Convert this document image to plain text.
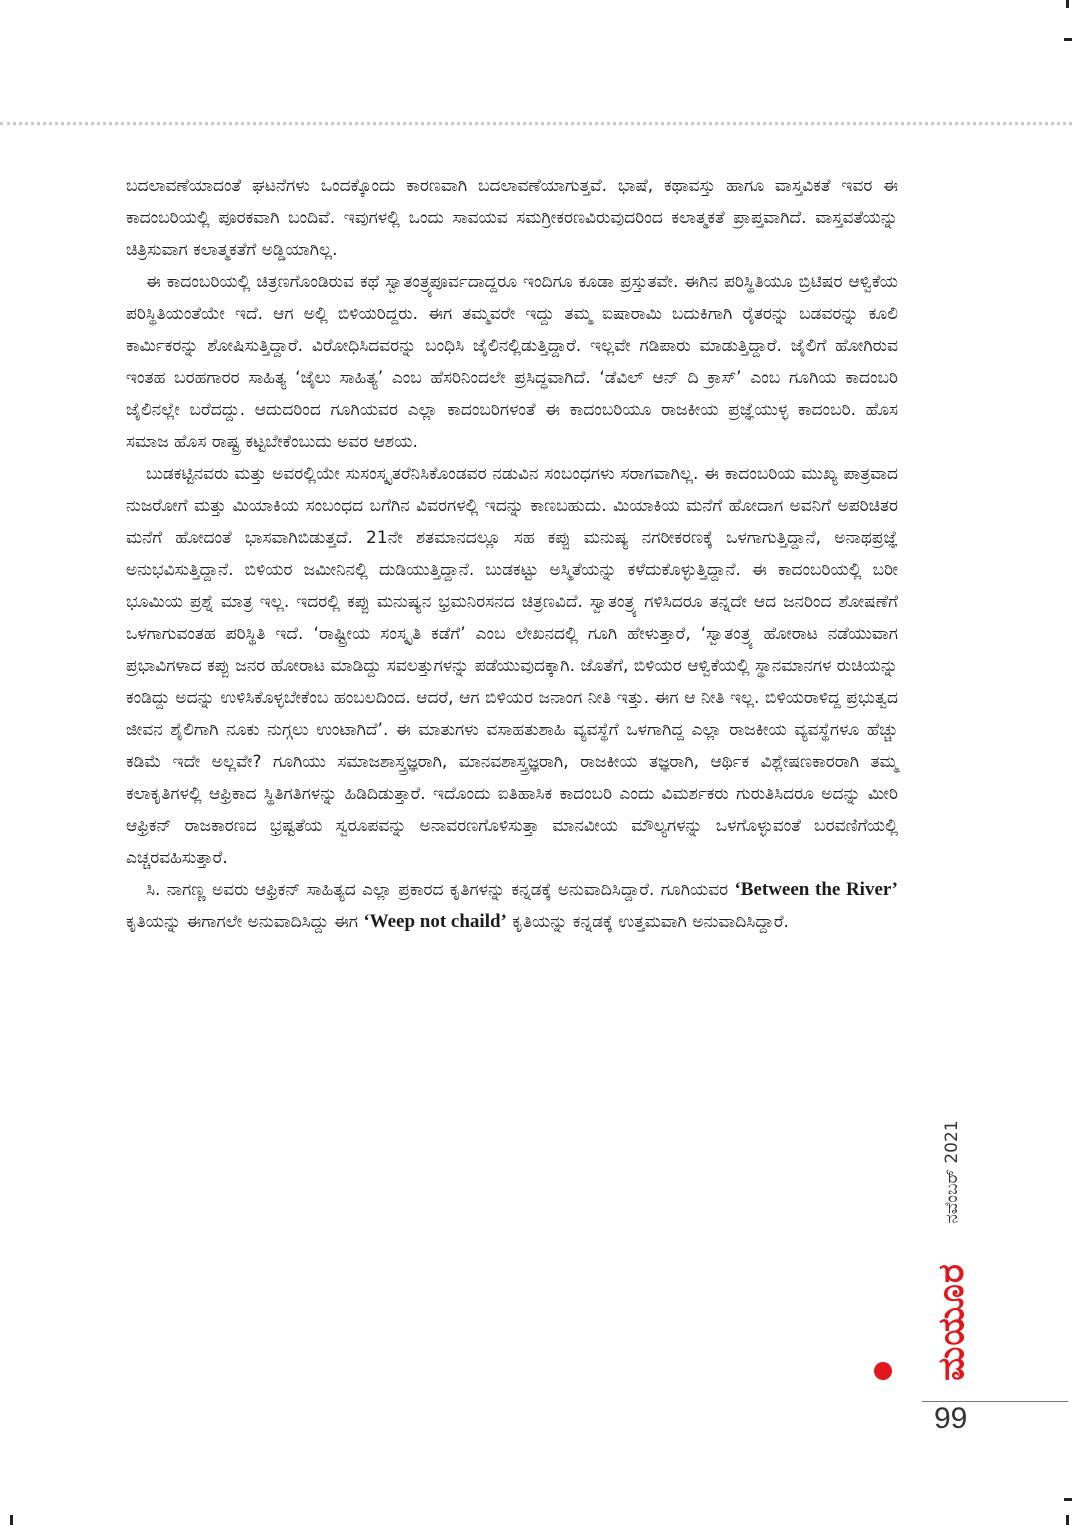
ಬದಲಾವಣೆಯಾದಂತೆ ಘಟನೆಗಳು ಒಂದಕ್ಕೊಂದು ಕಾರಣವಾಗಿ ಬದಲಾವಣೆಯಾಗುತ್ತವೆ. ಭಾಷೆ, ಕಥಾವಸ್ತು ಹಾಗೂ ವಾಸ್ತವಿಕತೆ ಇವರ ಈ ಕಾದಂಬರಿಯಲ್ಲಿ ಪೂರಕವಾಗಿ ಬಂದಿವೆ. ಇವುಗಳಲ್ಲಿ ಒಂದು ಸಾವಯವ ಸಮಗ್ರೀಕರಣವಿರುವುದರಿಂದ ಕಲಾತ್ಮಕತೆ ಪ್ರಾಪ್ತವಾಗಿದೆ. ವಾಸ್ತವತೆಯನ್ನು ಚಿತ್ರಿಸುವಾಗ ಕಲಾತ್ಮಕತೆಗೆ ಅಡ್ಡಿಯಾಗಿಲ್ಲ.

ಈ ಕಾದಂಬರಿಯಲ್ಲಿ ಚಿತ್ರಣಗೊಂಡಿರುವ ಕಥೆ ಸ್ವಾತಂತ್ರ್ಯಪೂರ್ವದಾದ್ದರೂ ಇಂದಿಗೂ ಕೂಡಾ ಪ್ರಸ್ತುತವೇ. ಈಗಿನ ಪರಿಸ್ಥಿತಿಯೂ ಬ್ರಿಟಿಷರ ಆಳ್ವಿಕೆಯ ಪರಿಸ್ಥಿತಿಯಂತೆಯೇ ಇದೆ. ಆಗ ಅಲ್ಲಿ ಬಿಳಿಯರಿದ್ದರು. ಈಗ ತಮ್ಮವರೇ ಇದ್ದು ತಮ್ಮ ಐಷಾರಾಮಿ ಬದುಕಿಗಾಗಿ ರೈತರನ್ನು ಬಡವರನ್ನು ಕೂಲಿ ಕಾರ್ಮಿಕರನ್ನು ಶೋಷಿಸುತ್ತಿದ್ದಾರೆ. ವಿರೋಧಿಸಿದವರನ್ನು ಬಂಧಿಸಿ ಜೈಲಿನಲ್ಲಿಡುತ್ತಿದ್ದಾರೆ. ಇಲ್ಲವೇ ಗಡಿಪಾರು ಮಾಡುತ್ತಿದ್ದಾರೆ. ಜೈಲಿಗೆ ಹೋಗಿರುವ ಇಂತಹ ಬರಹಗಾರರ ಸಾಹಿತ್ಯ ‘ಜೈಲು ಸಾಹಿತ್ಯ’ ಎಂಬ ಹೆಸರಿನಿಂದಲೇ ಪ್ರಸಿದ್ಧವಾಗಿದೆ. ‘ಡೆವಿಲ್ ಆನ್ ದಿ ಕ್ರಾಸ್’ ಎಂಬ ಗೂಗಿಯ ಕಾದಂಬರಿ ಜೈಲಿನಲ್ಲೇ ಬರೆದದ್ದು. ಆದುದರಿಂದ ಗೂಗಿಯವರ ಎಲ್ಲಾ ಕಾದಂಬರಿಗಳಂತೆ ಈ ಕಾದಂಬರಿಯೂ ರಾಜಕೀಯ ಪ್ರಜ್ಞೆಯುಳ್ಳ ಕಾದಂಬರಿ. ಹೊಸ ಸಮಾಜ ಹೊಸ ರಾಷ್ಟ್ರ ಕಟ್ಟಬೇಕೆಂಬುದು ಅವರ ಆಶಯ.

ಬುಡಕಟ್ಟಿನವರು ಮತ್ತು ಅವರಲ್ಲಿಯೇ ಸುಸಂಸ್ಕೃತರೆನಿಸಿಕೊಂಡವರ ನಡುವಿನ ಸಂಬಂಧಗಳು ಸರಾಗವಾಗಿಲ್ಲ. ಈ ಕಾದಂಬರಿಯ ಮುಖ್ಯ ಪಾತ್ರವಾದ ನುಜರೋಗೆ ಮತ್ತು ಮಿಯಾಕಿಯ ಸಂಬಂಧದ ಬಗೆಗಿನ ವಿವರಗಳಲ್ಲಿ ಇದನ್ನು ಕಾಣಬಹುದು. ಮಿಯಾಕಿಯ ಮನೆಗೆ ಹೋದಾಗ ಅವನಿಗೆ ಅಪರಿಚಿತರ ಮನೆಗೆ ಹೋದಂತೆ ಭಾಸವಾಗಿಬಿಡುತ್ತದೆ. 21ನೇ ಶತಮಾನದಲ್ಲೂ ಸಹ ಕಪ್ಪು ಮನುಷ್ಯ ನಗರೀಕರಣಕ್ಕೆ ಒಳಗಾಗುತ್ತಿದ್ದಾನೆ, ಅನಾಥಪ್ರಜ್ಞೆ ಅನುಭವಿಸುತ್ತಿದ್ದಾನೆ. ಬಿಳಿಯರ ಜಮೀನಿನಲ್ಲಿ ದುಡಿಯುತ್ತಿದ್ದಾನೆ. ಬುಡಕಟ್ಟು ಅಸ್ಮಿತೆಯನ್ನು ಕಳೆದುಕೊಳ್ಳುತ್ತಿದ್ದಾನೆ. ಈ ಕಾದಂಬರಿಯಲ್ಲಿ ಬರೀ ಭೂಮಿಯ ಪ್ರಶ್ನೆ ಮಾತ್ರ ಇಲ್ಲ. ಇದರಲ್ಲಿ ಕಪ್ಪು ಮನುಷ್ಯನ ಭ್ರಮನಿರಸನದ ಚಿತ್ರಣವಿದೆ. ಸ್ವಾತಂತ್ರ್ಯ ಗಳಿಸಿದರೂ ತನ್ನದೇ ಆದ ಜನರಿಂದ ಶೋಷಣೆಗೆ ಒಳಗಾಗುವಂತಹ ಪರಿಸ್ಥಿತಿ ಇದೆ. ‘ರಾಷ್ಟ್ರೀಯ ಸಂಸ್ಕೃತಿ ಕಡೆಗೆ’ ಎಂಬ ಲೇಖನದಲ್ಲಿ ಗೂಗಿ ಹೇಳುತ್ತಾರೆ, ‘ಸ್ವಾತಂತ್ರ್ಯ ಹೋರಾಟ ನಡೆಯುವಾಗ ಪ್ರಭಾವಿಗಳಾದ ಕಪ್ಪು ಜನರ ಹೋರಾಟ ಮಾಡಿದ್ದು ಸವಲತ್ತುಗಳನ್ನು ಪಡೆಯುವುದಕ್ಕಾಗಿ. ಜೊತೆಗೆ, ಬಿಳಿಯರ ಆಳ್ವಿಕೆಯಲ್ಲಿ ಸ್ಥಾನಮಾನಗಳ ರುಚಿಯನ್ನು ಕಂಡಿದ್ದು ಅದನ್ನು ಉಳಿಸಿಕೊಳ್ಳಬೇಕೆಂಬ ಹಂಬಲದಿಂದ. ಆದರೆ, ಆಗ ಬಿಳಿಯರ ಜನಾಂಗ ನೀತಿ ಇತ್ತು. ಈಗ ಆ ನೀತಿ ಇಲ್ಲ. ಬಿಳಿಯರಾಳಿದ್ದ ಪ್ರಭುತ್ವದ ಜೀವನ ಶೈಲಿಗಾಗಿ ನೂಕು ನುಗ್ಗಲು ಉಂಟಾಗಿದೆ’. ಈ ಮಾತುಗಳು ವಸಾಹತುಶಾಹಿ ವ್ಯವಸ್ಥೆಗೆ ಒಳಗಾಗಿದ್ದ ಎಲ್ಲಾ ರಾಜಕೀಯ ವ್ಯವಸ್ಥೆಗಳೂ ಹೆಚ್ಚು ಕಡಿಮೆ ಇದೇ ಅಲ್ಲವೇ? ಗೂಗಿಯು ಸಮಾಜಶಾಸ್ತ್ರಜ್ಞರಾಗಿ, ಮಾನವಶಾಸ್ತ್ರಜ್ಞರಾಗಿ, ರಾಜಕೀಯ ತಜ್ಞರಾಗಿ, ಆರ್ಥಿಕ ವಿಶ್ಲೇಷಣಕಾರರಾಗಿ ತಮ್ಮ ಕಲಾಕೃತಿಗಳಲ್ಲಿ ಆಫ್ರಿಕಾದ ಸ್ಥಿತಿಗತಿಗಳನ್ನು ಹಿಡಿದಿಡುತ್ತಾರೆ. ಇದೊಂದು ಐತಿಹಾಸಿಕ ಕಾದಂಬರಿ ಎಂದು ವಿಮರ್ಶಕರು ಗುರುತಿಸಿದರೂ ಅದನ್ನು ಮೀರಿ ಆಫ್ರಿಕನ್ ರಾಜಕಾರಣದ ಭ್ರಷ್ಟತೆಯ ಸ್ವರೂಪವನ್ನು ಅನಾವರಣಗೊಳಿಸುತ್ತಾ ಮಾನವೀಯ ಮೌಲ್ಯಗಳನ್ನು ಒಳಗೊಳ್ಳುವಂತೆ ಬರವಣಿಗೆಯಲ್ಲಿ ಎಚ್ಚರವಹಿಸುತ್ತಾರೆ.

ಸಿ. ನಾಗಣ್ಣ ಅವರು ಆಫ್ರಿಕನ್ ಸಾಹಿತ್ಯದ ಎಲ್ಲಾ ಪ್ರಕಾರದ ಕೃತಿಗಳನ್ನು ಕನ್ನಡಕ್ಕೆ ಅನುವಾದಿಸಿದ್ದಾರೆ. ಗೂಗಿಯವರ ‘Between the River’ ಕೃತಿಯನ್ನು ಈಗಾಗಲೇ ಅನುವಾದಿಸಿದ್ದು ಈಗ ‘Weep not chaild’ ಕೃತಿಯನ್ನು ಕನ್ನಡಕ್ಕೆ ಉತ್ತಮವಾಗಿ ಅನುವಾದಿಸಿದ್ದಾರೆ.

ನವೆಂಬರ್ 2021
ಮಯೂರ
99
